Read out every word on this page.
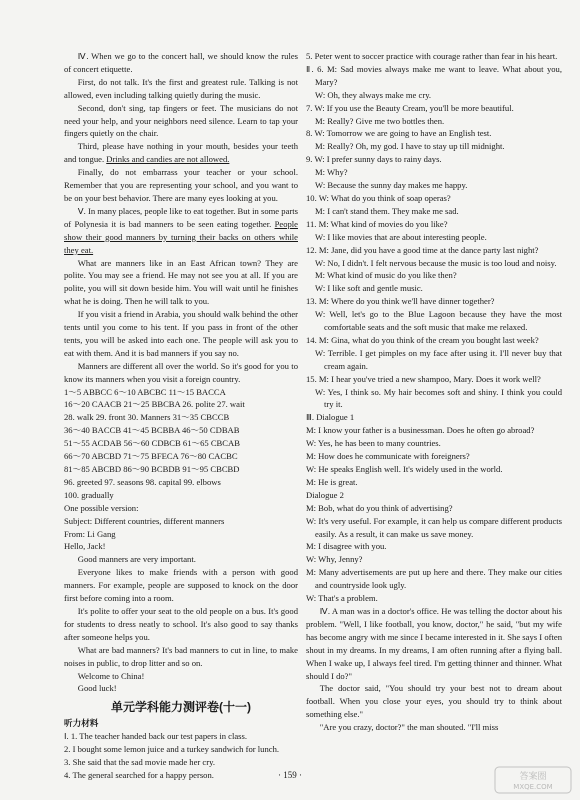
Ⅳ. When we go to the concert hall, we should know the rules of concert etiquette.

First, do not talk. It's the first and greatest rule. Talking is not allowed, even including talking quietly during the music.

Second, don't sing, tap fingers or feet. The musicians do not need your help, and your neighbors need silence. Learn to tap your fingers quietly on the chair.

Third, please have nothing in your mouth, besides your teeth and tongue. Drinks and candies are not allowed.

Finally, do not embarrass your teacher or your school. Remember that you are representing your school, and you want to be on your best behavior. There are many eyes looking at you.

Ⅴ. In many places, people like to eat together. But in some parts of Polynesia it is bad manners to be seen eating together. People show their good manners by turning their backs on others while they eat.

What are manners like in an East African town? They are polite. You may see a friend. He may not see you at all. If you are polite, you will sit down beside him. You will wait until he finishes what he is doing. Then he will talk to you.

If you visit a friend in Arabia, you should walk behind the other tents until you come to his tent. If you pass in front of the other tents, you will be asked into each one. The people will ask you to eat with them. And it is bad manners if you say no.

Manners are different all over the world. So it's good for you to know its manners when you visit a foreign country.

1～5 ABBCC 6～10 ABCBC 11～15 BACCA

16～20 CAACB 21～25 BBCBA 26. polite 27. wait

28. walk 29. front 30. Manners 31～35 CBCCB

36～40 BACCB 41～45 BCBBA 46～50 CDBAB

51～55 ACDAB 56～60 CDBCB 61～65 CBCAB

66～70 ABCBD 71～75 BFECA 76～80 CACBC

81～85 ABCBD 86～90 BCBDB 91～95 CBCBD

96. greeted 97. seasons 98. capital 99. elbows

100. gradually

One possible version:

Subject: Different countries, different manners

From: Li Gang

Hello, Jack!

Good manners are very important.

Everyone likes to make friends with a person with good manners. For example, people are supposed to knock on the door first before coming into a room.

It's polite to offer your seat to the old people on a bus. It's good for students to dress neatly to school. It's also good to say thanks after someone helps you.

What are bad manners? It's bad manners to cut in line, to make noises in public, to drop litter and so on.

Welcome to China!

Good luck!

单元学科能力测评卷(十一)

听力材料

Ⅰ. 1. The teacher handed back our test papers in class.

2. I bought some lemon juice and a turkey sandwich for lunch.

3. She said that the sad movie made her cry.

4. The general searched for a happy person.

5. Peter went to soccer practice with courage rather than fear in his heart.

Ⅱ. 6. M: Sad movies always make me want to leave. What about you, Mary?

W: Oh, they always make me cry.

7. W: If you use the Beauty Cream, you'll be more beautiful.

M: Really? Give me two bottles then.

8. W: Tomorrow we are going to have an English test.

M: Really? Oh, my god. I have to stay up till midnight.

9. W: I prefer sunny days to rainy days.

M: Why?

W: Because the sunny day makes me happy.

10. W: What do you think of soap operas?

M: I can't stand them. They make me sad.

11. M: What kind of movies do you like?

W: I like movies that are about interesting people.

12. M: Jane, did you have a good time at the dance party last night?

W: No, I didn't. I felt nervous because the music is too loud and noisy.

M: What kind of music do you like then?

W: I like soft and gentle music.

13. M: Where do you think we'll have dinner together?

W: Well, let's go to the Blue Lagoon because they have the most comfortable seats and the soft music that make me relaxed.

14. M: Gina, what do you think of the cream you bought last week?

W: Terrible. I get pimples on my face after using it. I'll never buy that cream again.

15. M: I hear you've tried a new shampoo, Mary. Does it work well?

W: Yes, I think so. My hair becomes soft and shiny. I think you could try it.

Ⅲ. Dialogue 1

M: I know your father is a businessman. Does he often go abroad?

W: Yes, he has been to many countries.

M: How does he communicate with foreigners?

W: He speaks English well. It's widely used in the world.

M: He is great.

Dialogue 2

M: Bob, what do you think of advertising?

W: It's very useful. For example, it can help us compare different products easily. As a result, it can make us save money.

M: I disagree with you.

W: Why, Jenny?

M: Many advertisements are put up here and there. They make our cities and countryside look ugly.

W: That's a problem.

Ⅳ. A man was in a doctor's office. He was telling the doctor about his problem. "Well, I like football, you know, doctor," he said, "but my wife has become angry with me since I became interested in it. She says I often shout in my dreams. In my dreams, I am often running after a flying ball. When I wake up, I always feel tired. I'm getting thinner and thinner. What should I do?"

The doctor said, "You should try your best not to dream about football. When you close your eyes, you should try to think about something else."

"Are you crazy, doctor?" the man shouted. "I'll miss

· 159 ·	答案圈
MXQE.COM
